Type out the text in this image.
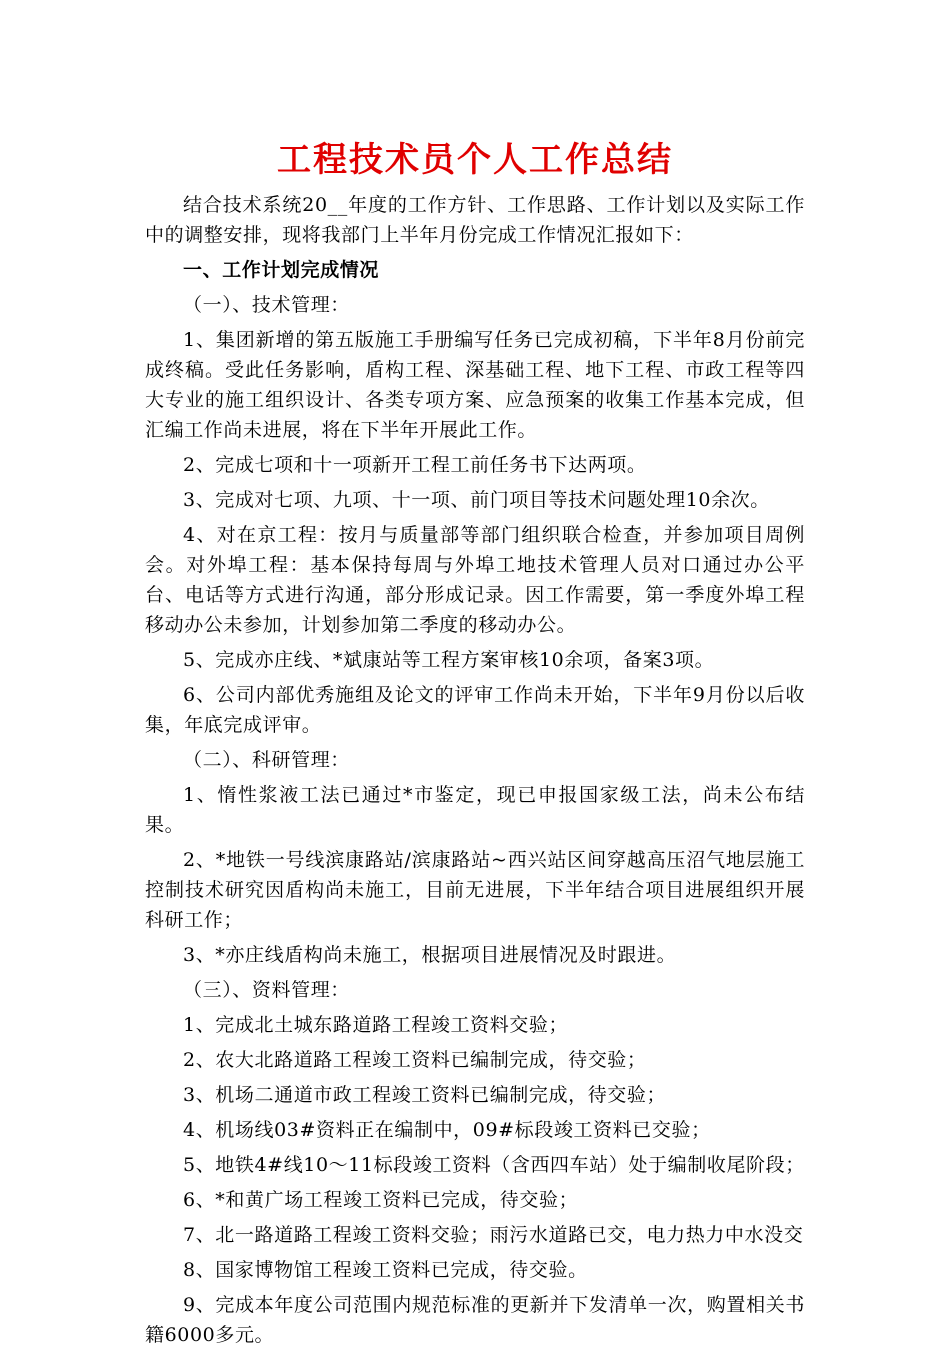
工程技术员个人工作总结

结合技术系统20__年度的工作方针、工作思路、工作计划以及实际工作中的调整安排，现将我部门上半年月份完成工作情况汇报如下：

一、工作计划完成情况

（一）、技术管理：

1、集团新增的第五版施工手册编写任务已完成初稿，下半年8月份前完成终稿。受此任务影响，盾构工程、深基础工程、地下工程、市政工程等四大专业的施工组织设计、各类专项方案、应急预案的收集工作基本完成，但汇编工作尚未进展，将在下半年开展此工作。

2、完成七项和十一项新开工程工前任务书下达两项。

3、完成对七项、九项、十一项、前门项目等技术问题处理10余次。

4、对在京工程：按月与质量部等部门组织联合检查，并参加项目周例会。对外埠工程：基本保持每周与外埠工地技术管理人员对口通过办公平台、电话等方式进行沟通，部分形成记录。因工作需要，第一季度外埠工程移动办公未参加，计划参加第二季度的移动办公。

5、完成亦庄线、*斌康站等工程方案审核10余项，备案3项。

6、公司内部优秀施组及论文的评审工作尚未开始，下半年9月份以后收集，年底完成评审。

（二）、科研管理：

1、惰性浆液工法已通过*市鉴定，现已申报国家级工法，尚未公布结果。

2、*地铁一号线滨康路站/滨康路站~西兴站区间穿越高压沼气地层施工控制技术研究因盾构尚未施工，目前无进展，下半年结合项目进展组织开展科研工作；

3、*亦庄线盾构尚未施工，根据项目进展情况及时跟进。

（三）、资料管理：

1、完成北土城东路道路工程竣工资料交验；

2、农大北路道路工程竣工资料已编制完成，待交验；

3、机场二通道市政工程竣工资料已编制完成，待交验；

4、机场线03#资料正在编制中，09#标段竣工资料已交验；

5、地铁4#线10～11标段竣工资料（含西四车站）处于编制收尾阶段；

6、*和黄广场工程竣工资料已完成，待交验；

7、北一路道路工程竣工资料交验；雨污水道路已交，电力热力中水没交

8、国家博物馆工程竣工资料已完成，待交验。

9、完成本年度公司范围内规范标准的更新并下发清单一次，购置相关书籍6000多元。
